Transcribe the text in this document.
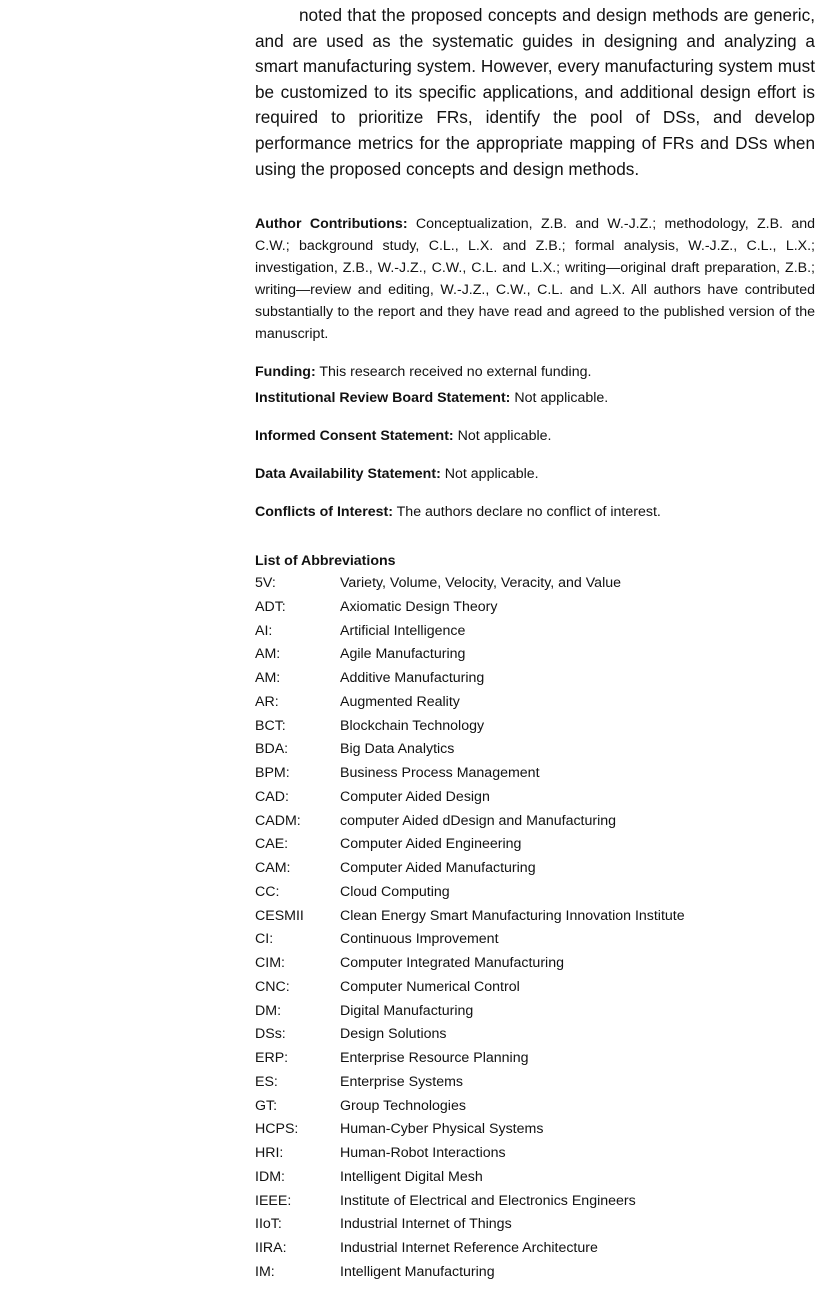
noted that the proposed concepts and design methods are generic, and are used as the systematic guides in designing and analyzing a smart manufacturing system. However, every manufacturing system must be customized to its specific applications, and additional design effort is required to prioritize FRs, identify the pool of DSs, and develop performance metrics for the appropriate mapping of FRs and DSs when using the proposed concepts and design methods.

Author Contributions: Conceptualization, Z.B. and W.-J.Z.; methodology, Z.B. and C.W.; background study, C.L., L.X. and Z.B.; formal analysis, W.-J.Z., C.L., L.X.; investigation, Z.B., W.-J.Z., C.W., C.L. and L.X.; writing—original draft preparation, Z.B.; writing—review and editing, W.-J.Z., C.W., C.L. and L.X. All authors have contributed substantially to the report and they have read and agreed to the published version of the manuscript.

Funding: This research received no external funding.

Institutional Review Board Statement: Not applicable.

Informed Consent Statement: Not applicable.

Data Availability Statement: Not applicable.

Conflicts of Interest: The authors declare no conflict of interest.

List of Abbreviations
5V:	Variety, Volume, Velocity, Veracity, and Value
ADT:	Axiomatic Design Theory
AI:	Artificial Intelligence
AM:	Agile Manufacturing
AM:	Additive Manufacturing
AR:	Augmented Reality
BCT:	Blockchain Technology
BDA:	Big Data Analytics
BPM:	Business Process Management
CAD:	Computer Aided Design
CADM:	computer Aided dDesign and Manufacturing
CAE:	Computer Aided Engineering
CAM:	Computer Aided Manufacturing
CC:	Cloud Computing
CESMII	Clean Energy Smart Manufacturing Innovation Institute
CI:	Continuous Improvement
CIM:	Computer Integrated Manufacturing
CNC:	Computer Numerical Control
DM:	Digital Manufacturing
DSs:	Design Solutions
ERP:	Enterprise Resource Planning
ES:	Enterprise Systems
GT:	Group Technologies
HCPS:	Human-Cyber Physical Systems
HRI:	Human-Robot Interactions
IDM:	Intelligent Digital Mesh
IEEE:	Institute of Electrical and Electronics Engineers
IIoT:	Industrial Internet of Things
IIRA:	Industrial Internet Reference Architecture
IM:	Intelligent Manufacturing
